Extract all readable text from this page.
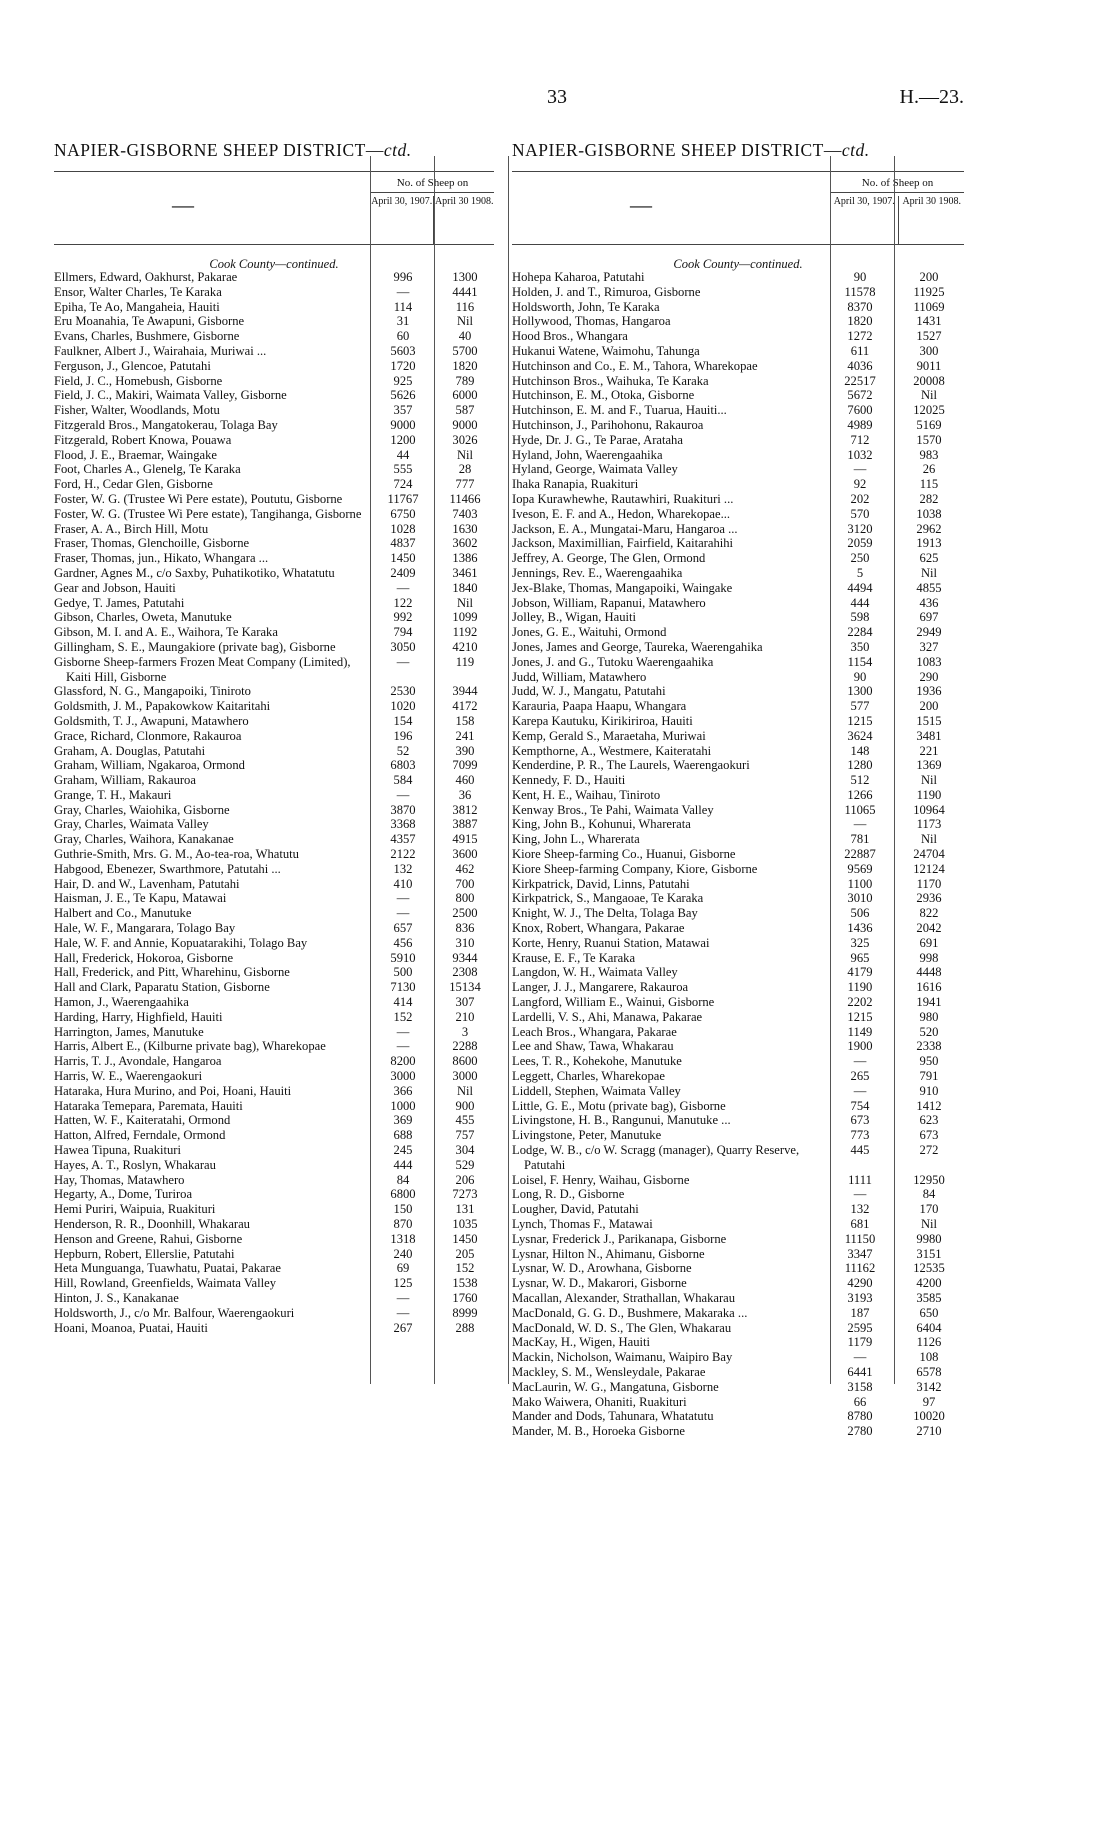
33	H.—23.
NAPIER-GISBORNE SHEEP DISTRICT—ctd.
—
No. of Sheep on
April 30, 1907. April 30 1908.
Cook County—continued.
Ellmers, Edward, Oakhurst, Pakarae	996	1300
Ensor, Walter Charles, Te Karaka	—	4441
Epiha, Te Ao, Mangaheia, Hauiti	114	116
Eru Moanahia, Te Awapuni, Gisborne	31	Nil
Evans, Charles, Bushmere, Gisborne	60	40
Faulkner, Albert J., Wairahaia, Muriwai ...	5603	5700
Ferguson, J., Glencoe, Patutahi	1720	1820
Field, J. C., Homebush, Gisborne	925	789
Field, J. C., Makiri, Waimata Valley, Gisborne	5626	6000
Fisher, Walter, Woodlands, Motu	357	587
Fitzgerald Bros., Mangatokerau, Tolaga Bay	9000	9000
Fitzgerald, Robert Knowa, Pouawa	1200	3026
Flood, J. E., Braemar, Waingake	44	Nil
Foot, Charles A., Glenelg, Te Karaka	555	28
Ford, H., Cedar Glen, Gisborne	724	777
Foster, W. G. (Trustee Wi Pere estate), Poututu, Gisborne	11767	11466
Foster, W. G. (Trustee Wi Pere estate), Tangihanga, Gisborne	6750	7403
Fraser, A. A., Birch Hill, Motu	1028	1630
Fraser, Thomas, Glenchoille, Gisborne	4837	3602
Fraser, Thomas, jun., Hikato, Whangara ...	1450	1386
Gardner, Agnes M., c/o Saxby, Puhatikotiko, Whatatutu	2409	3461
Gear and Jobson, Hauiti	—	1840
Gedye, T. James, Patutahi	122	Nil
Gibson, Charles, Oweta, Manutuke	992	1099
Gibson, M. I. and A. E., Waihora, Te Karaka	794	1192
Gillingham, S. E., Maungakiore (private bag), Gisborne	3050	4210
Gisborne Sheep-farmers Frozen Meat Company (Limited), Kaiti Hill, Gisborne
—	119
Glassford, N. G., Mangapoiki, Tiniroto	2530	3944
Goldsmith, J. M., Papakowkow Kaitaritahi	1020	4172
Goldsmith, T. J., Awapuni, Matawhero	154	158
Grace, Richard, Clonmore, Rakauroa	196	241
Graham, A. Douglas, Patutahi	52	390
Graham, William, Ngakaroa, Ormond	6803	7099
Graham, William, Rakauroa	584	460
Grange, T. H., Makauri	—	36
Gray, Charles, Waiohika, Gisborne	3870	3812
Gray, Charles, Waimata Valley	3368	3887
Gray, Charles, Waihora, Kanakanae	4357	4915
Guthrie-Smith, Mrs. G. M., Ao-tea-roa, Whatutu	2122	3600
Habgood, Ebenezer, Swarthmore, Patutahi ...	132	462
Hair, D. and W., Lavenham, Patutahi	410	700
Haisman, J. E., Te Kapu, Matawai	—	800
Halbert and Co., Manutuke	—	2500
Hale, W. F., Mangarara, Tolago Bay	657	836
Hale, W. F. and Annie, Kopuatarakihi, Tolago Bay	456	310
Hall, Frederick, Hokoroa, Gisborne	5910	9344
Hall, Frederick, and Pitt, Wharehinu, Gisborne	500	2308
Hall and Clark, Paparatu Station, Gisborne	7130	15134
Hamon, J., Waerengaahika	414	307
Harding, Harry, Highfield, Hauiti	152	210
Harrington, James, Manutuke	—	3
Harris, Albert E., (Kilburne private bag), Wharekopae	—	2288
Harris, T. J., Avondale, Hangaroa	8200	8600
Harris, W. E., Waerengaokuri	3000	3000
Hataraka, Hura Murino, and Poi, Hoani, Hauiti	366	Nil
Hataraka Temepara, Paremata, Hauiti	1000	900
Hatten, W. F., Kaiteratahi, Ormond	369	455
Hatton, Alfred, Ferndale, Ormond	688	757
Hawea Tipuna, Ruakituri	245	304
Hayes, A. T., Roslyn, Whakarau	444	529
Hay, Thomas, Matawhero	84	206
Hegarty, A., Dome, Turiroa	6800	7273
Hemi Puriri, Waipuia, Ruakituri	150	131
Henderson, R. R., Doonhill, Whakarau	870	1035
Henson and Greene, Rahui, Gisborne	1318	1450
Hepburn, Robert, Ellerslie, Patutahi	240	205
Heta Munguanga, Tuawhatu, Puatai, Pakarae	69	152
Hill, Rowland, Greenfields, Waimata Valley	125	1538
Hinton, J. S., Kanakanae	—	1760
Holdsworth, J., c/o Mr. Balfour, Waerengaokuri	—	8999
Hoani, Moanoa, Puatai, Hauiti	267	288
NAPIER-GISBORNE SHEEP DISTRICT—ctd.
—
No. of Sheep on
April 30, 1907. April 30 1908.
Cook County—continued.
Hohepa Kaharoa, Patutahi	90	200
Holden, J. and T., Rimuroa, Gisborne	11578	11925
Holdsworth, John, Te Karaka	8370	11069
Hollywood, Thomas, Hangaroa	1820	1431
Hood Bros., Whangara	1272	1527
Hukanui Watene, Waimohu, Tahunga	611	300
Hutchinson and Co., E. M., Tahora, Wharekopae	4036	9011
Hutchinson Bros., Waihuka, Te Karaka	22517	20008
Hutchinson, E. M., Otoka, Gisborne	5672	Nil
Hutchinson, E. M. and F., Tuarua, Hauiti...	7600	12025
Hutchinson, J., Parihohonu, Rakauroa	4989	5169
Hyde, Dr. J. G., Te Parae, Arataha	712	1570
Hyland, John, Waerengaahika	1032	983
Hyland, George, Waimata Valley	—	26
Ihaka Ranapia, Ruakituri	92	115
Iopa Kurawhewhe, Rautawhiri, Ruakituri ...	202	282
Iveson, E. F. and A., Hedon, Wharekopae...	570	1038
Jackson, E. A., Mungatai-Maru, Hangaroa ...	3120	2962
Jackson, Maximillian, Fairfield, Kaitarahihi	2059	1913
Jeffrey, A. George, The Glen, Ormond	250	625
Jennings, Rev. E., Waerengaahika	5	Nil
Jex-Blake, Thomas, Mangapoiki, Waingake	4494	4855
Jobson, William, Rapanui, Matawhero	444	436
Jolley, B., Wigan, Hauiti	598	697
Jones, G. E., Waituhi, Ormond	2284	2949
Jones, James and George, Taureka, Waerengahika	350	327
Jones, J. and G., Tutoku Waerengaahika	1154	1083
Judd, William, Matawhero	90	290
Judd, W. J., Mangatu, Patutahi	1300	1936
Karauria, Paapa Haapu, Whangara	577	200
Karepa Kautuku, Kirikiriroa, Hauiti	1215	1515
Kemp, Gerald S., Maraetaha, Muriwai	3624	3481
Kempthorne, A., Westmere, Kaiteratahi	148	221
Kenderdine, P. R., The Laurels, Waerengaokuri	1280	1369
Kennedy, F. D., Hauiti	512	Nil
Kent, H. E., Waihau, Tiniroto	1266	1190
Kenway Bros., Te Pahi, Waimata Valley	11065	10964
King, John B., Kohunui, Wharerata	—	1173
King, John L., Wharerata	781	Nil
Kiore Sheep-farming Co., Huanui, Gisborne	22887	24704
Kiore Sheep-farming Company, Kiore, Gisborne	9569	12124
Kirkpatrick, David, Linns, Patutahi	1100	1170
Kirkpatrick, S., Mangaoae, Te Karaka	3010	2936
Knight, W. J., The Delta, Tolaga Bay	506	822
Knox, Robert, Whangara, Pakarae	1436	2042
Korte, Henry, Ruanui Station, Matawai	325	691
Krause, E. F., Te Karaka	965	998
Langdon, W. H., Waimata Valley	4179	4448
Langer, J. J., Mangarere, Rakauroa	1190	1616
Langford, William E., Wainui, Gisborne	2202	1941
Lardelli, V. S., Ahi, Manawa, Pakarae	1215	980
Leach Bros., Whangara, Pakarae	1149	520
Lee and Shaw, Tawa, Whakarau	1900	2338
Lees, T. R., Kohekohe, Manutuke	—	950
Leggett, Charles, Wharekopae	265	791
Liddell, Stephen, Waimata Valley	—	910
Little, G. E., Motu (private bag), Gisborne	754	1412
Livingstone, H. B., Rangunui, Manutuke ...	673	623
Livingstone, Peter, Manutuke	773	673
Lodge, W. B., c/o W. Scragg (manager), Quarry Reserve, Patutahi
445	272
Loisel, F. Henry, Waihau, Gisborne	1111	12950
Long, R. D., Gisborne	—	84
Lougher, David, Patutahi	132	170
Lynch, Thomas F., Matawai	681	Nil
Lysnar, Frederick J., Parikanapa, Gisborne	11150	9980
Lysnar, Hilton N., Ahimanu, Gisborne	3347	3151
Lysnar, W. D., Arowhana, Gisborne	11162	12535
Lysnar, W. D., Makarori, Gisborne	4290	4200
Macallan, Alexander, Strathallan, Whakarau	3193	3585
MacDonald, G. G. D., Bushmere, Makaraka ...	187	650
MacDonald, W. D. S., The Glen, Whakarau	2595	6404
MacKay, H., Wigen, Hauiti	1179	1126
Mackin, Nicholson, Waimanu, Waipiro Bay	—	108
Mackley, S. M., Wensleydale, Pakarae	6441	6578
MacLaurin, W. G., Mangatuna, Gisborne	3158	3142
Mako Waiwera, Ohaniti, Ruakituri	66	97
Mander and Dods, Tahunara, Whatatutu	8780	10020
Mander, M. B., Horoeka Gisborne	2780	2710
